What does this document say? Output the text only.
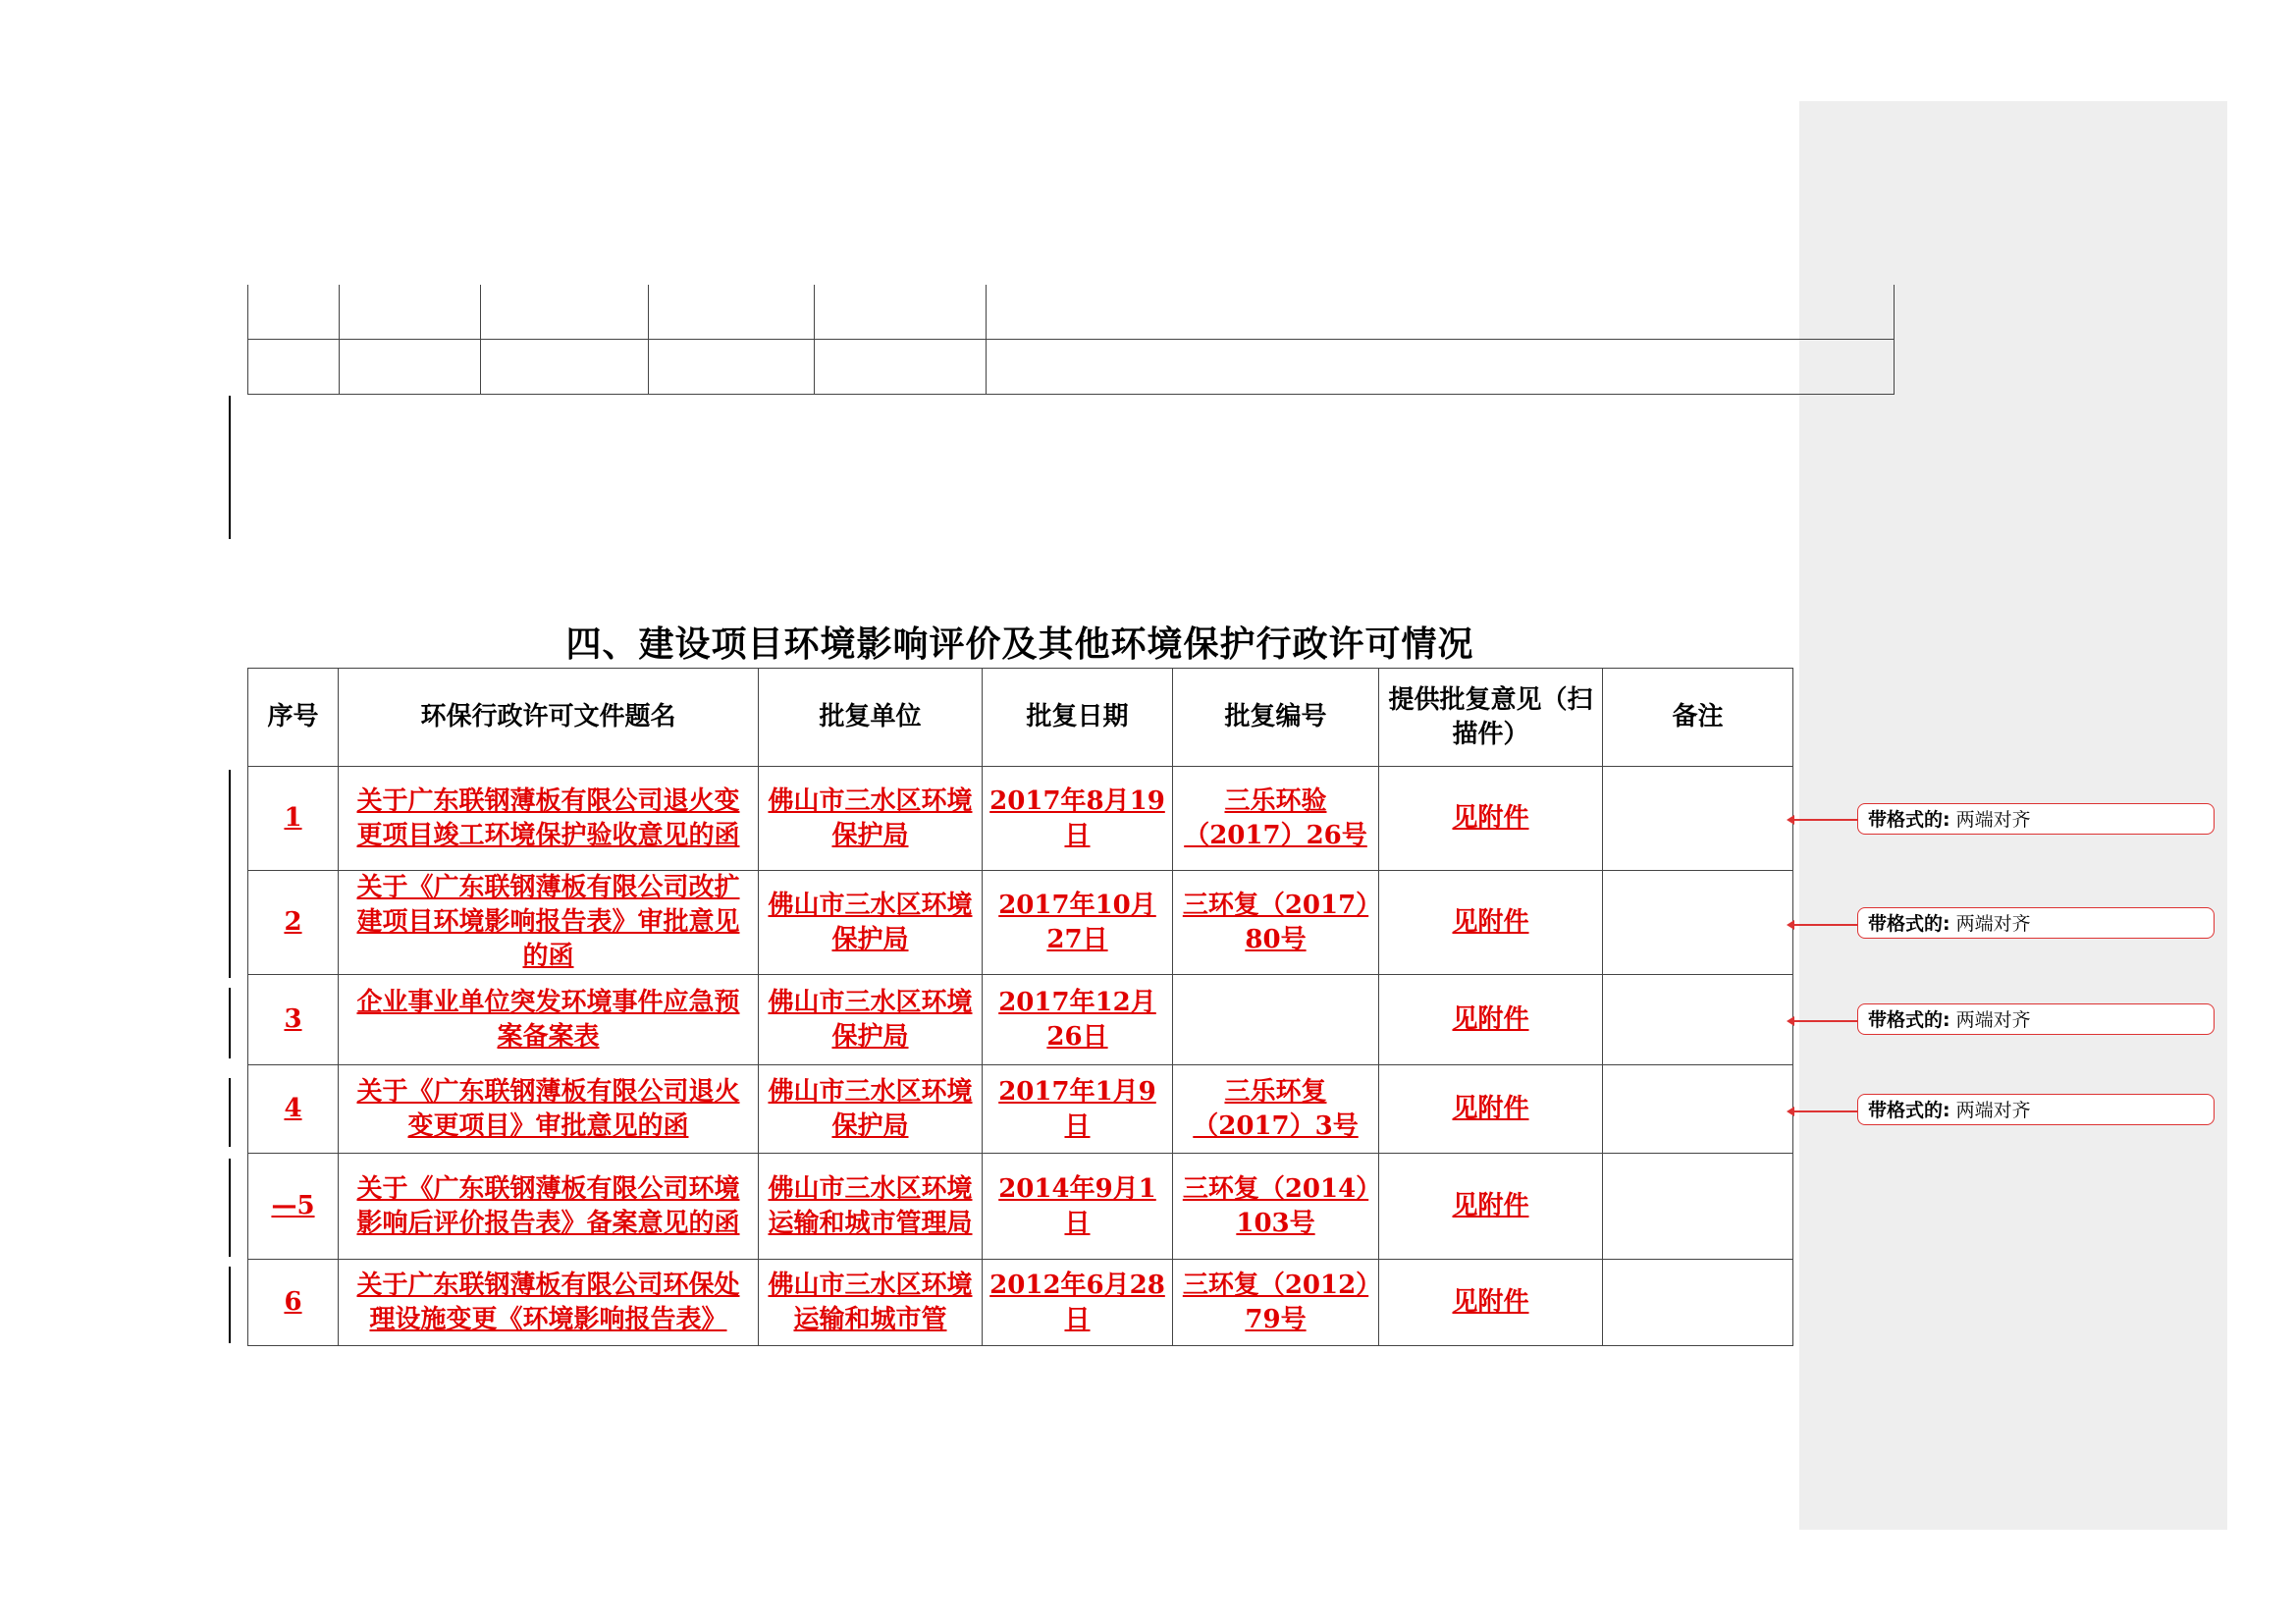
四、建设项目环境影响评价及其他环境保护行政许可情况
序号	环保行政许可文件题名	批复单位	批复日期	批复编号	提供批复意见（扫描件）	备注
1	关于广东联钢薄板有限公司退火变更项目竣工环境保护验收意见的函	佛山市三水区环境保护局	2017年8月19日	三乐环验（2017）26号	见附件	
2	关于《广东联钢薄板有限公司改扩建项目环境影响报告表》审批意见的函	佛山市三水区环境保护局	2017年10月27日	三环复（2017）80号	见附件	
3	企业事业单位突发环境事件应急预案备案表	佛山市三水区环境保护局	2017年12月26日		见附件	
4	关于《广东联钢薄板有限公司退火变更项目》审批意见的函	佛山市三水区环境保护局	2017年1月9日	三乐环复（2017）3号	见附件	
—5	关于《广东联钢薄板有限公司环境影响后评价报告表》备案意见的函	佛山市三水区环境运输和城市管理局	2014年9月1日	三环复（2014）103号	见附件	
6	关于广东联钢薄板有限公司环保处理设施变更《环境影响报告表》	佛山市三水区环境运输和城市管	2012年6月28日	三环复（2012）79号	见附件	
带格式的: 两端对齐
带格式的: 两端对齐
带格式的: 两端对齐
带格式的: 两端对齐
